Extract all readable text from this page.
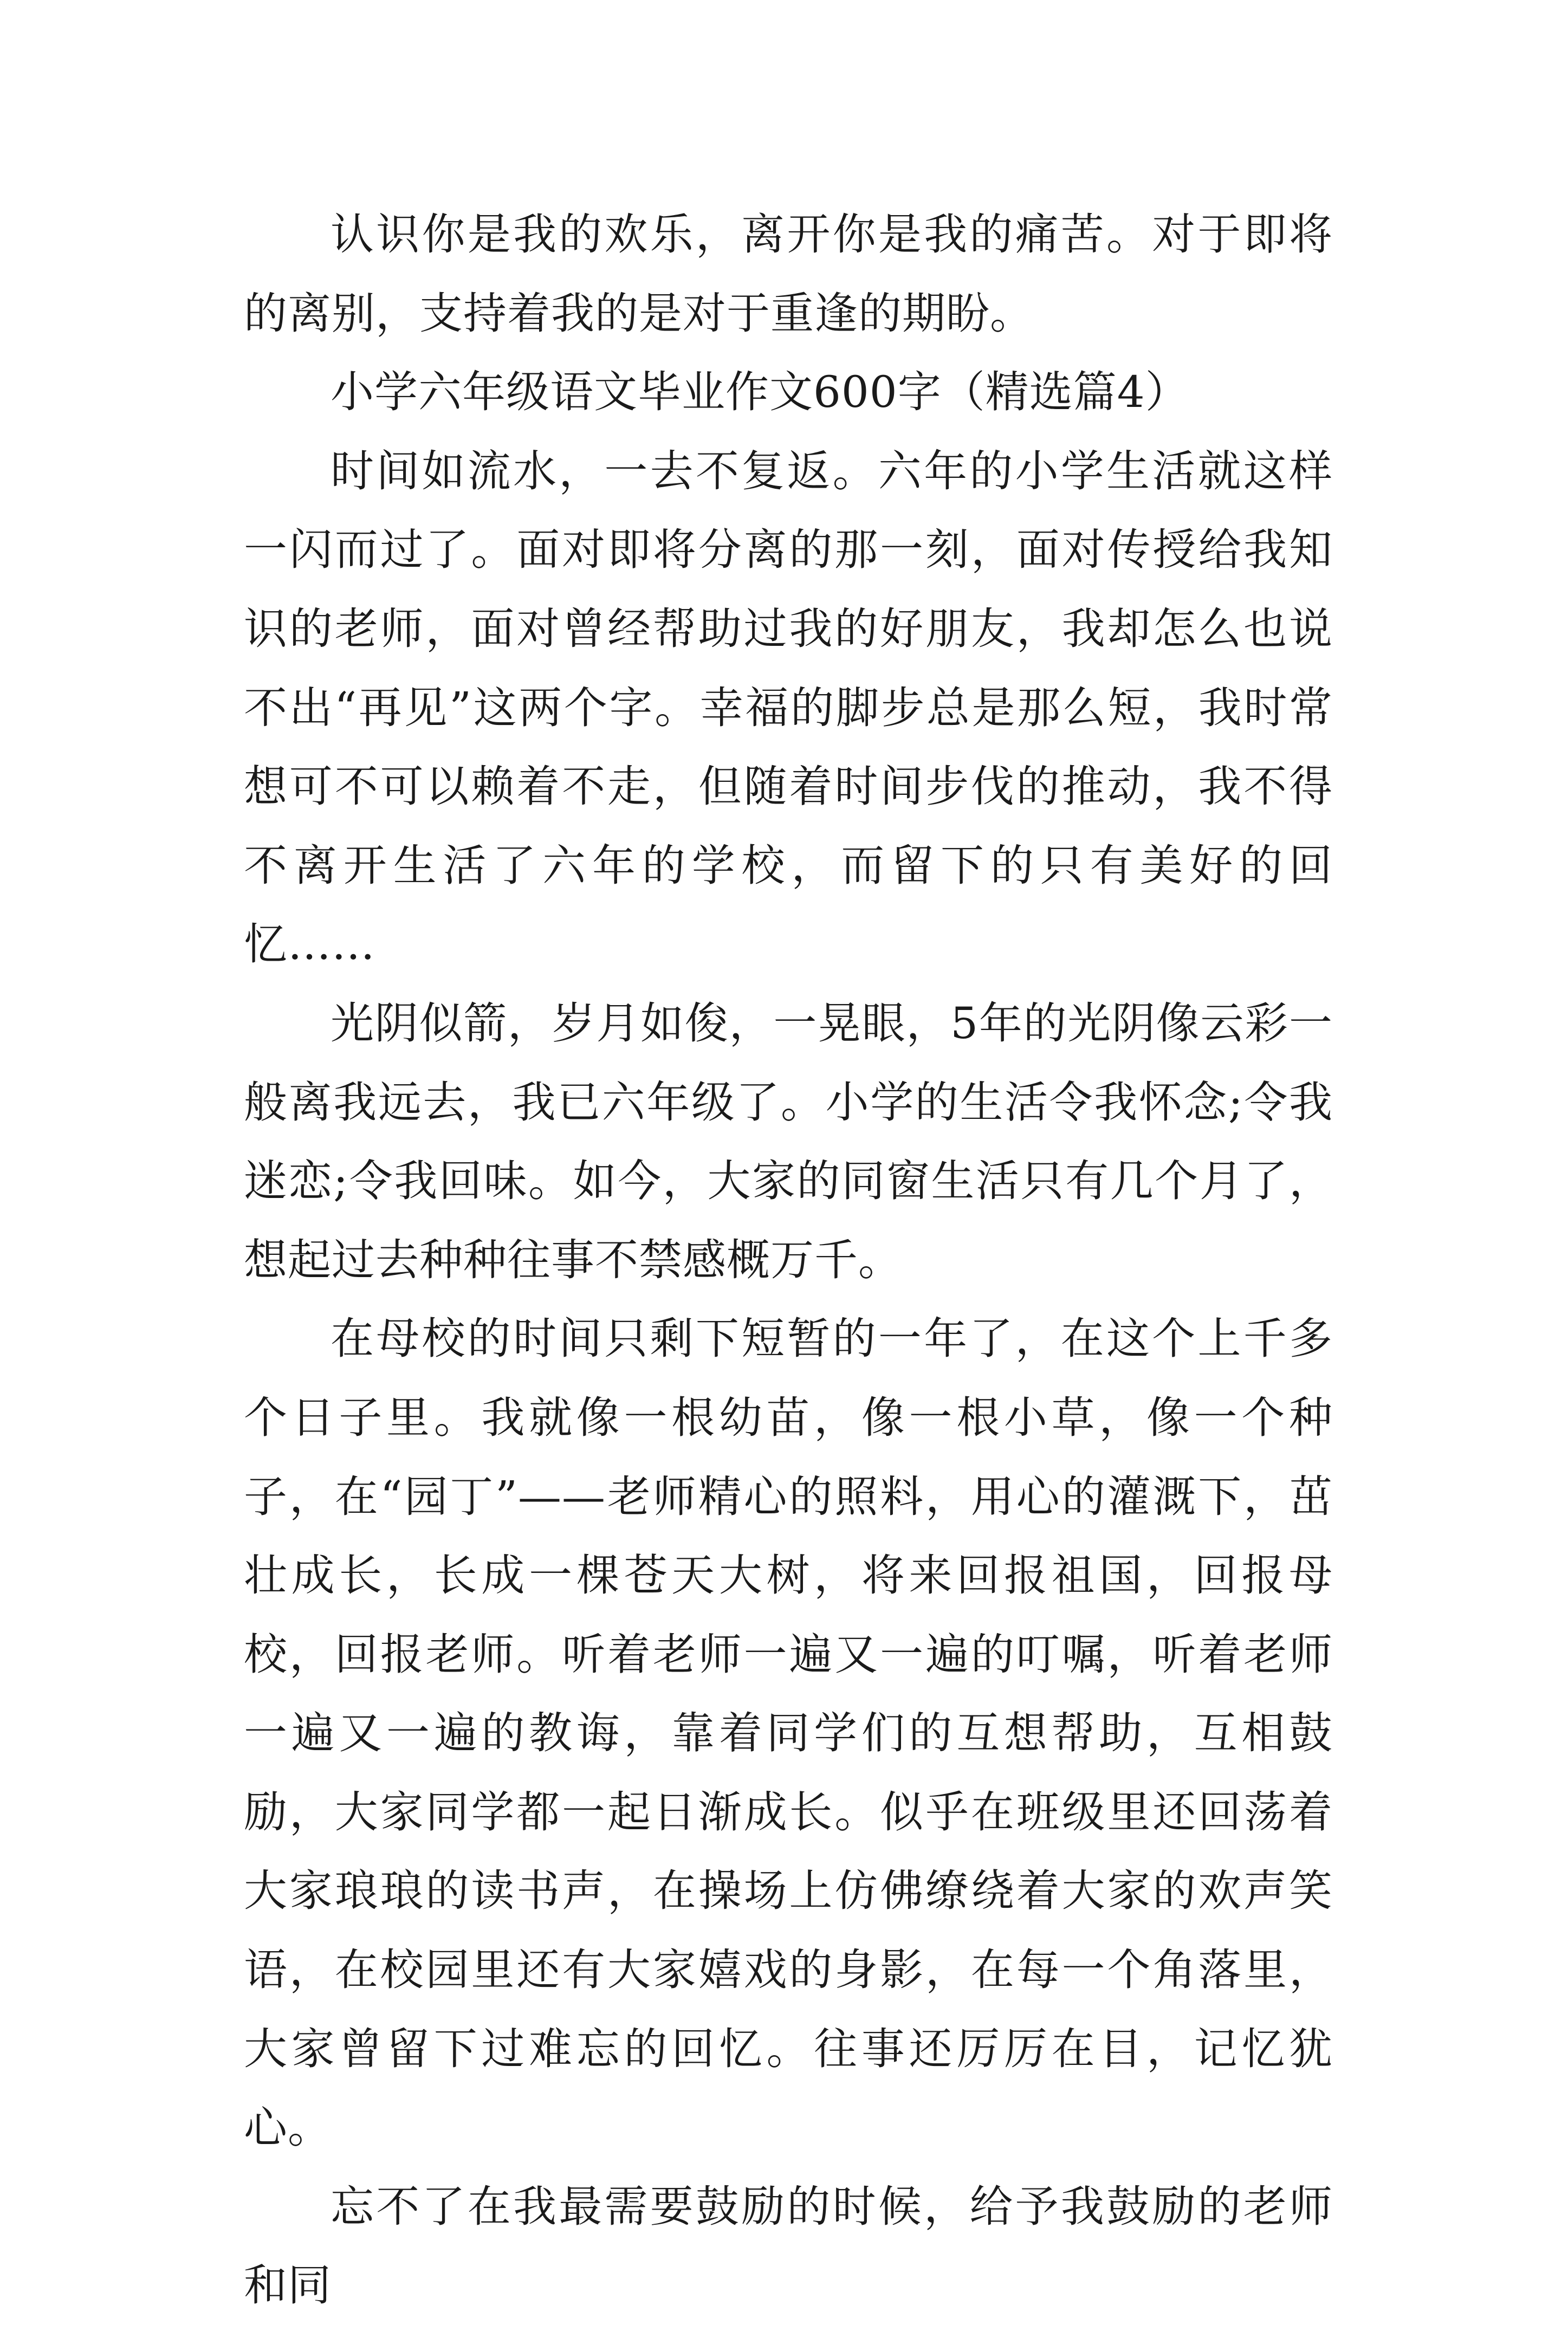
认识你是我的欢乐，离开你是我的痛苦。对于即将的离别，支持着我的是对于重逢的期盼。

小学六年级语文毕业作文600字（精选篇4）

时间如流水，一去不复返。六年的小学生活就这样一闪而过了。面对即将分离的那一刻，面对传授给我知识的老师，面对曾经帮助过我的好朋友，我却怎么也说不出“再见”这两个字。幸福的脚步总是那么短，我时常想可不可以赖着不走，但随着时间步伐的推动，我不得不离开生活了六年的学校，而留下的只有美好的回忆……

光阴似箭，岁月如俊，一晃眼，5年的光阴像云彩一般离我远去，我已六年级了。小学的生活令我怀念;令我迷恋;令我回味。如今，大家的同窗生活只有几个月了，想起过去种种往事不禁感概万千。

在母校的时间只剩下短暂的一年了，在这个上千多个日子里。我就像一根幼苗，像一根小草，像一个种子，在“园丁”——老师精心的照料，用心的灌溉下，茁壮成长，长成一棵苍天大树，将来回报祖国，回报母校，回报老师。听着老师一遍又一遍的叮嘱，听着老师一遍又一遍的教诲，靠着同学们的互想帮助，互相鼓励，大家同学都一起日渐成长。似乎在班级里还回荡着大家琅琅的读书声，在操场上仿佛缭绕着大家的欢声笑语，在校园里还有大家嬉戏的身影，在每一个角落里，大家曾留下过难忘的回忆。往事还厉厉在目，记忆犹心。

忘不了在我最需要鼓励的时候，给予我鼓励的老师和同
